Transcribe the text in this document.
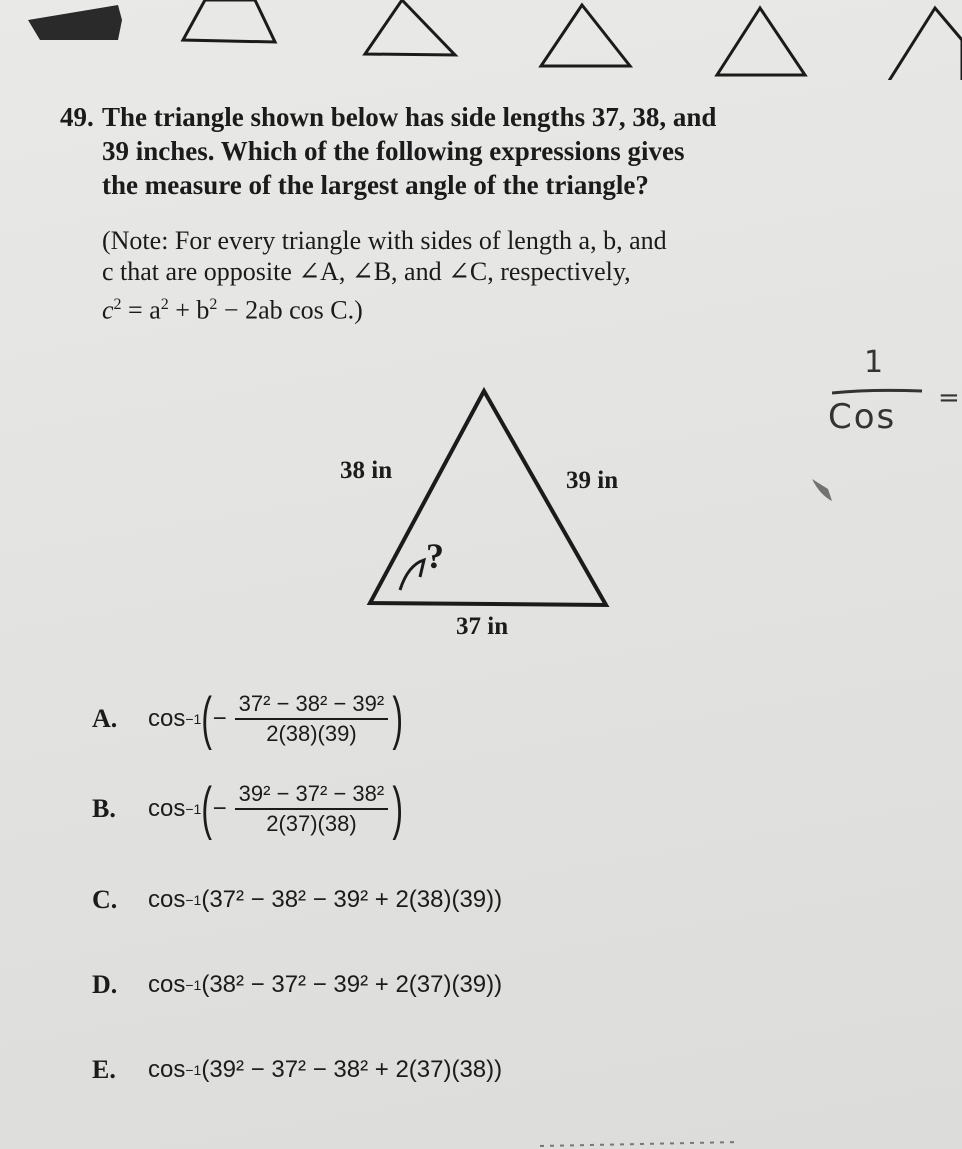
49. The triangle shown below has side lengths 37, 38, and
39 inches. Which of the following expressions gives
the measure of the largest angle of the triangle?
(Note: For every triangle with sides of length a, b, and
c that are opposite ∠A, ∠B, and ∠C, respectively,
$c^2 = a^2 + b^2 - 2ab$ cos C.)
38 in	39 in
37 in
?
1
Cos =
A.	cos −1 ( − $\frac{\text{37² − 38² − 39²}}{2(38)(39)}$ )
B.	cos −1 ( − $\frac{\text{39² − 37² − 38²}}{2(37)(38)}$ )
C.	cos −1 (37² − 38² − 39² + 2(38)(39))
D.	cos −1 (38² − 37² − 39² + 2(37)(39))
E.	cos −1 (39² − 37² − 38² + 2(37)(38))
